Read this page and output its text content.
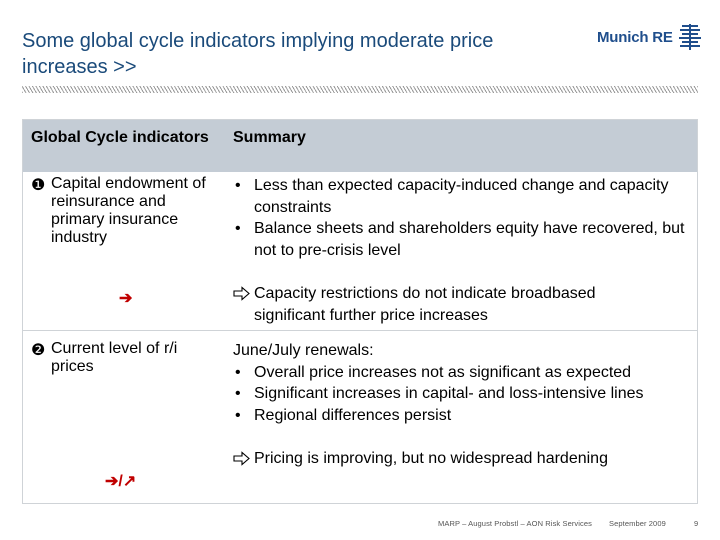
Some global cycle indicators implying moderate price
increases >>
Munich RE
Global Cycle indicators Summary
❶ Capital endowment of reinsurance and primary insurance industry
• Less than expected capacity-induced change and capacity constraints
• Balance sheets and shareholders equity have recovered, but not to pre-crisis level
Capacity restrictions do not indicate broadbased significant further price increases
➔
❷ Current level of r/i prices
June/July renewals:
• Overall price increases not as significant as expected
• Significant increases in capital- and loss-intensive lines
• Regional differences persist
Pricing is improving, but no widespread hardening
➔/↗
MARP – August Probstl – AON Risk Services September 2009	9
